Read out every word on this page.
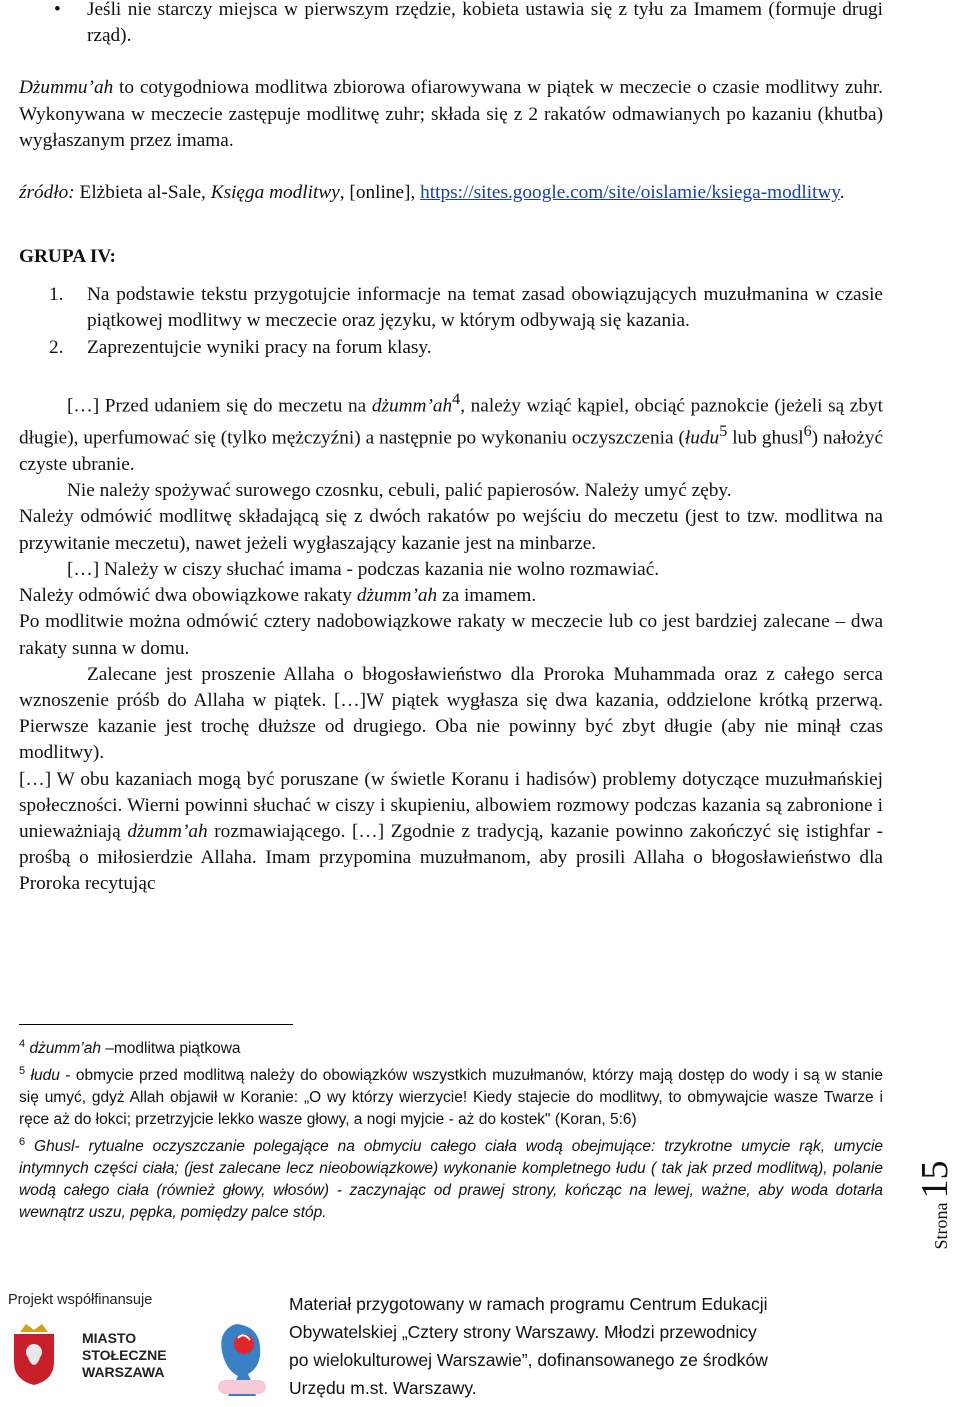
• Jeśli nie starczy miejsca w pierwszym rzędzie, kobieta ustawia się z tyłu za Imamem (formuje drugi rząd).

Dżummu’ah to cotygodniowa modlitwa zbiorowa ofiarowywana w piątek w meczecie o czasie modlitwy zuhr. Wykonywana w meczecie zastępuje modlitwę zuhr; składa się z 2 rakatów odmawianych po kazaniu (khutba) wygłaszanym przez imama.

źródło: Elżbieta al-Sale, Księga modlitwy, [online], https://sites.google.com/site/oislamie/ksiega-modlitwy.

GRUPA IV:

1. Na podstawie tekstu przygotujcie informacje na temat zasad obowiązujących muzułmanina w czasie piątkowej modlitwy w meczecie oraz języku, w którym odbywają się kazania.

2. Zaprezentujcie wyniki pracy na forum klasy.

[…] Przed udaniem się do meczetu na $dżumm’ah^4$, należy wziąć kąpiel, obciąć paznokcie (jeżeli są zbyt długie), uperfumować się (tylko mężczyźni) a następnie po wykonaniu oczyszczenia (łudu$^5$ lub ghusl$^6$) nałożyć czyste ubranie.

Nie należy spożywać surowego czosnku, cebuli, palić papierosów. Należy umyć zęby.

Należy odmówić modlitwę składającą się z dwóch rakatów po wejściu do meczetu (jest to tzw. modlitwa na przywitanie meczetu), nawet jeżeli wygłaszający kazanie jest na minbarze.

[…] Należy w ciszy słuchać imama - podczas kazania nie wolno rozmawiać.

Należy odmówić dwa obowiązkowe rakaty dżumm’ah za imamem.

Po modlitwie można odmówić cztery nadobowiązkowe rakaty w meczecie lub co jest bardziej zalecane – dwa rakaty sunna w domu.

Zalecane jest proszenie Allaha o błogosławieństwo dla Proroka Muhammada oraz z całego serca wznoszenie próśb do Allaha w piątek. […]W piątek wygłasza się dwa kazania, oddzielone krótką przerwą. Pierwsze kazanie jest trochę dłuższe od drugiego. Oba nie powinny być zbyt długie (aby nie minął czas modlitwy).

[…] W obu kazaniach mogą być poruszane (w świetle Koranu i hadisów) problemy dotyczące muzułmańskiej społeczności. Wierni powinni słuchać w ciszy i skupieniu, albowiem rozmowy podczas kazania są zabronione i unieważniają dżumm’ah rozmawiającego. […] Zgodnie z tradycją, kazanie powinno zakończyć się istighfar - prośbą o miłosierdzie Allaha. Imam przypomina muzułmanom, aby prosili Allaha o błogosławieństwo dla Proroka recytując

$^4$ dżumm’ah –modlitwa piątkowa

$^5$ łudu - obmycie przed modlitwą należy do obowiązków wszystkich muzułmanów, którzy mają dostęp do wody i są w stanie się umyć, gdyż Allah objawił w Koranie: „O wy którzy wierzycie! Kiedy stajecie do modlitwy, to obmywajcie wasze Twarze i ręce aż do łokci; przetrzyjcie lekko wasze głowy, a nogi myjcie - aż do kostek" (Koran, 5:6)

$^6$ Ghusl- rytualne oczyszczanie polegające na obmyciu całego ciała wodą obejmujące: trzykrotne umycie rąk, umycie intymnych części ciała; (jest zalecane lecz nieobowiązkowe) wykonanie kompletnego łudu ( tak jak przed modlitwą), polanie wodą całego ciała (również głowy, włosów) - zaczynając od prawej strony, kończąc na lewej, ważne, aby woda dotarła wewnątrz uszu, pępka, pomiędzy palce stóp.	Strona 15
Projekt współfinansuje
MIASTO
STOŁECZNE
WARSZAWA

Materiał przygotowany w ramach programu Centrum Edukacji

Obywatelskiej „Cztery strony Warszawy. Młodzi przewodnicy

po wielokulturowej Warszawie”, dofinansowanego ze środków

Urzędu m.st. Warszawy.
